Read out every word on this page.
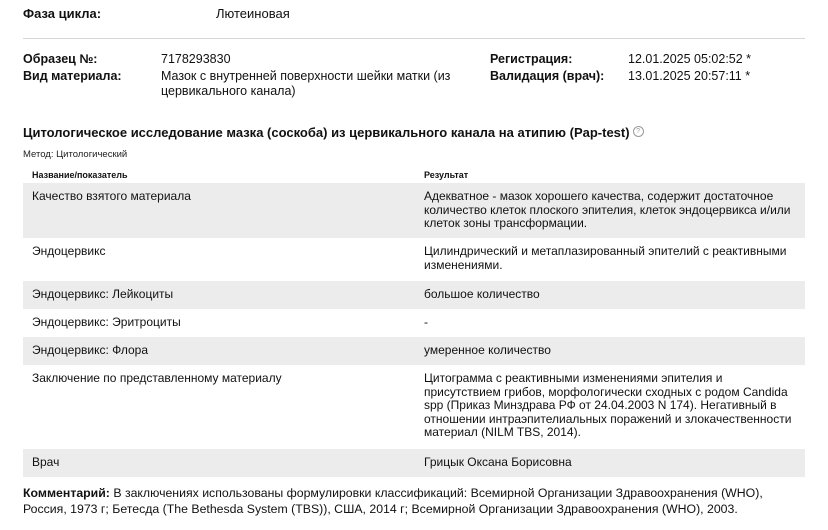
Фаза цикла:	Лютеиновая
Образец №:	7178293830
Вид материала:	Мазок с внутренней поверхности шейки матки (из цервикального канала)
Регистрация:	12.01.2025 05:02:52 *
Валидация (врач): 13.01.2025 20:57:11 *
Цитологическое исследование мазка (соскоба) из цервикального канала на атипию (Pap-test) ?
Метод: Цитологический
Название/показатель	Результат

Качество взятого материала	Адекватное - мазок хорошего качества, содержит достаточное количество клеток плоского эпителия, клеток эндоцервикса и/или клеток зоны трансформации.

Эндоцервикс	Цилиндрический и метаплазированный эпителий с реактивными изменениями.

Эндоцервикс: Лейкоциты	большое количество

Эндоцервикс: Эритроциты	-

Эндоцервикс: Флора	умеренное количество

Заключение по представленному материалу	Цитограмма с реактивными изменениями эпителия и присутствием грибов, морфологически сходных с родом Candida spp (Приказ Минздрава РФ от 24.04.2003 N 174). Негативный в отношении интраэпителиальных поражений и злокачественности материал (NILM TBS, 2014).

Врач	Грицык Оксана Борисовна
Комментарий: В заключениях использованы формулировки классификаций: Всемирной Организации Здравоохранения (WHO), Россия, 1973 г; Бетесда (The Bethesda System (TBS)), США, 2014 г; Всемирной Организации Здравоохранения (WHO), 2003.
